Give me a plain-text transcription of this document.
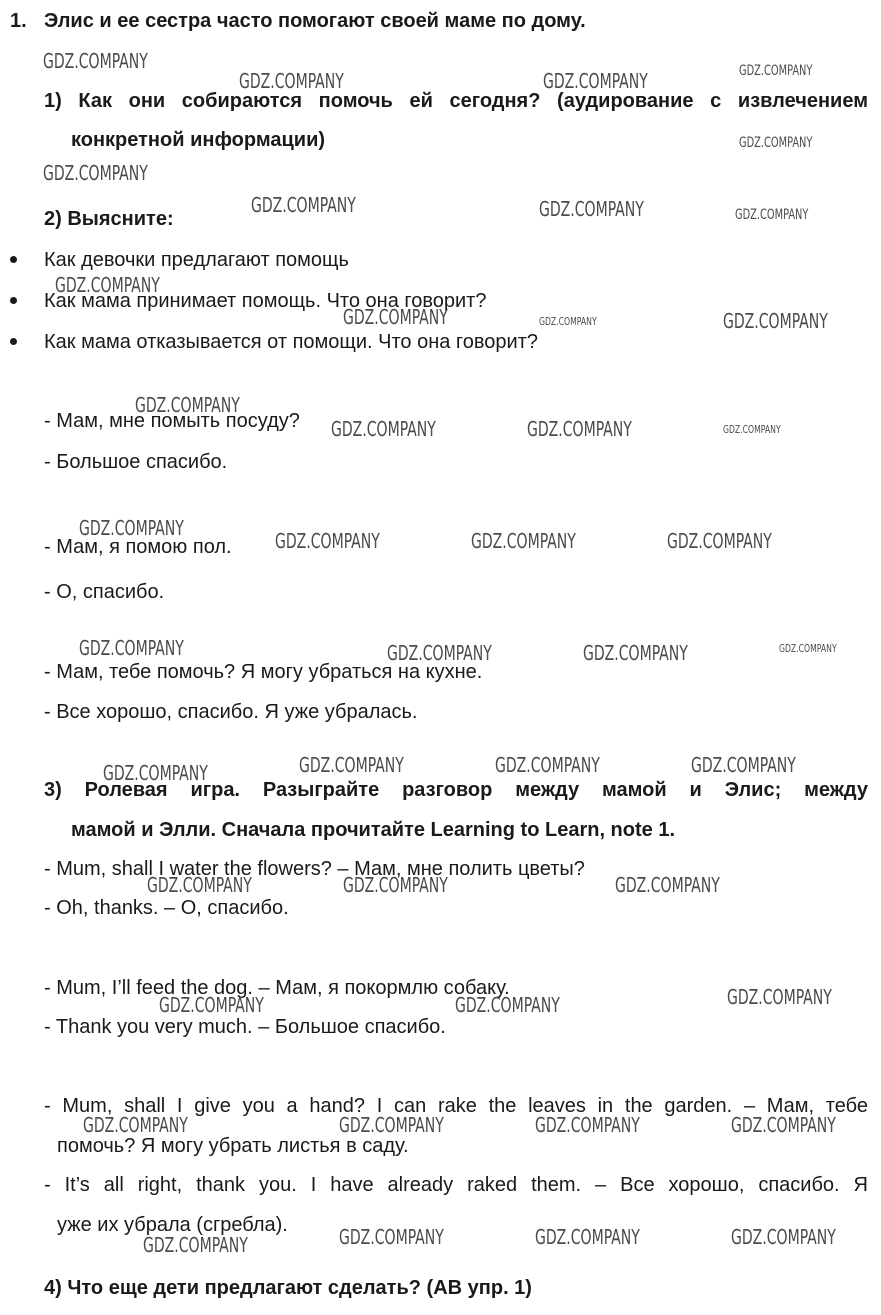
1. Элис и ее сестра часто помогают своей маме по дому.
1) Как они собираются помочь ей сегодня? (аудирование с извлечением
конкретной информации)
2) Выясните:
Как девочки предлагают помощь
Как мама принимает помощь. Что она говорит?
Как мама отказывается от помощи. Что она говорит?
- Мам, мне помыть посуду?
- Большое спасибо.
- Мам, я помою пол.
- О, спасибо.
- Мам, тебе помочь? Я могу убраться на кухне.
- Все хорошо, спасибо. Я уже убралась.
3) Ролевая игра. Разыграйте разговор между мамой и Элис; между
мамой и Элли. Сначала прочитайте Learning to Learn, note 1.
- Mum, shall I water the flowers? – Мам, мне полить цветы?
- Oh, thanks. – О, спасибо.
- Mum, I’ll feed the dog. – Мам, я покормлю собаку.
- Thank you very much. – Большое спасибо.
- Mum, shall I give you a hand? I can rake the leaves in the garden. – Мам, тебе
помочь? Я могу убрать листья в саду.
- It’s all right, thank you. I have already raked them. – Все хорошо, спасибо. Я
уже их убрала (сгребла).
4) Что еще дети предлагают сделать? (AB упр. 1)
GDZ.COMPANY
GDZ.COMPANY	GDZ.COMPANY	GDZ.COMPANY
GDZ.COMPANY
GDZ.COMPANY
GDZ.COMPANY	GDZ.COMPANY	GDZ.COMPANY
GDZ.COMPANY
GDZ.COMPANY	GDZ.COMPANY	GDZ.COMPANY
GDZ.COMPANY
GDZ.COMPANY	GDZ.COMPANY	GDZ.COMPANY
GDZ.COMPANY
GDZ.COMPANY	GDZ.COMPANY	GDZ.COMPANY
GDZ.COMPANY	GDZ.COMPANY	GDZ.COMPANY	GDZ.COMPANY
GDZ.COMPANY	GDZ.COMPANY	GDZ.COMPANY	GDZ.COMPANY
GDZ.COMPANY	GDZ.COMPANY	GDZ.COMPANY
GDZ.COMPANY	GDZ.COMPANY	GDZ.COMPANY
GDZ.COMPANY	GDZ.COMPANY	GDZ.COMPANY	GDZ.COMPANY
GDZ.COMPANY	GDZ.COMPANY	GDZ.COMPANY	GDZ.COMPANY
